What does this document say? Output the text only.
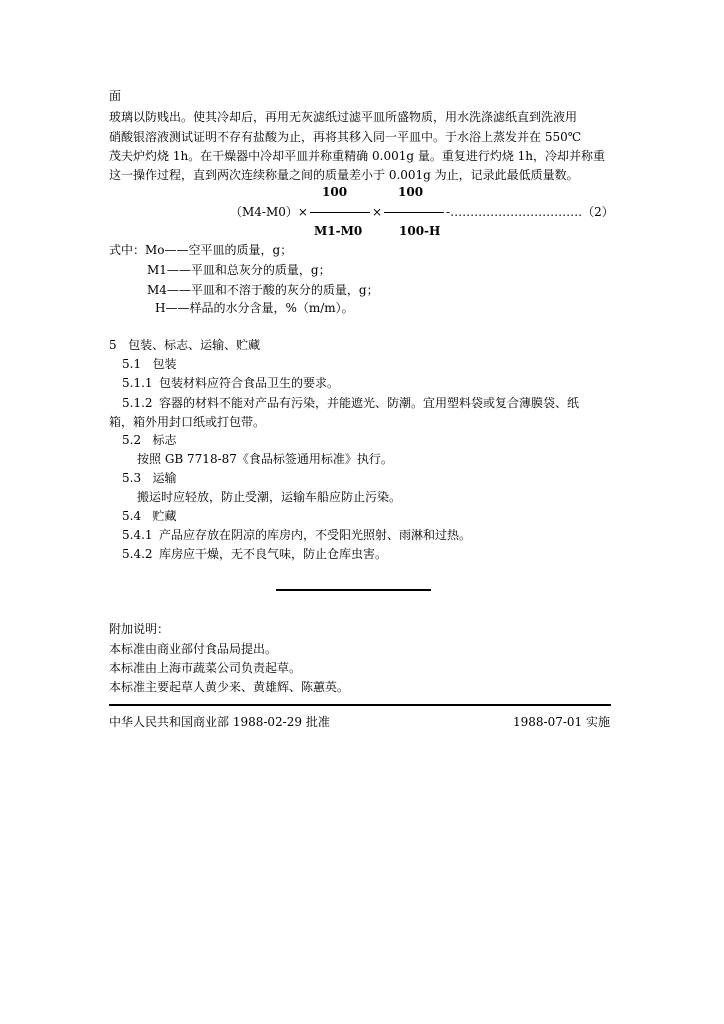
面
玻璃以防贱出。使其冷却后，再用无灰滤纸过滤平皿所盛物质，用水洗涤滤纸直到洗液用
硝酸银溶液测试证明不存有盐酸为止，再将其移入同一平皿中。于水浴上蒸发并在 550℃
茂夫炉灼烧 1h。在干燥器中冷却平皿并称重精确 0.001g 量。重复进行灼烧 1h，冷却并称重
这一操作过程，直到两次连续称量之间的质量差小于 0.001g 为止，记录此最低质量数。
100	100
（M4-M0）×	×	-……………………………（2）
M1-M0	100-H
式中：Mo——空平皿的质量，g；
M1——平皿和总灰分的质量，g；
M4——平皿和不溶于酸的灰分的质量，g；
H——样品的水分含量，%（m/m）。
5 包装、标志、运输、贮藏
5.1 包装
5.1.1 包装材料应符合食品卫生的要求。
5.1.2 容器的材料不能对产品有污染，并能遮光、防潮。宜用塑料袋或复合薄膜袋、纸
箱，箱外用封口纸或打包带。
5.2 标志
按照 GB 7718-87《食品标签通用标准》执行。
5.3 运输
搬运时应轻放，防止受潮，运输车船应防止污染。
5.4 贮藏
5.4.1 产品应存放在阴凉的库房内，不受阳光照射、雨淋和过热。
5.4.2 库房应干燥，无不良气味，防止仓库虫害。
附加说明：
本标准由商业部付食品局提出。
本标准由上海市蔬菜公司负责起草。
本标准主要起草人黄少来、黄雄辉、陈蕙英。
中华人民共和国商业部 1988-02-29 批准	1988-07-01 实施
